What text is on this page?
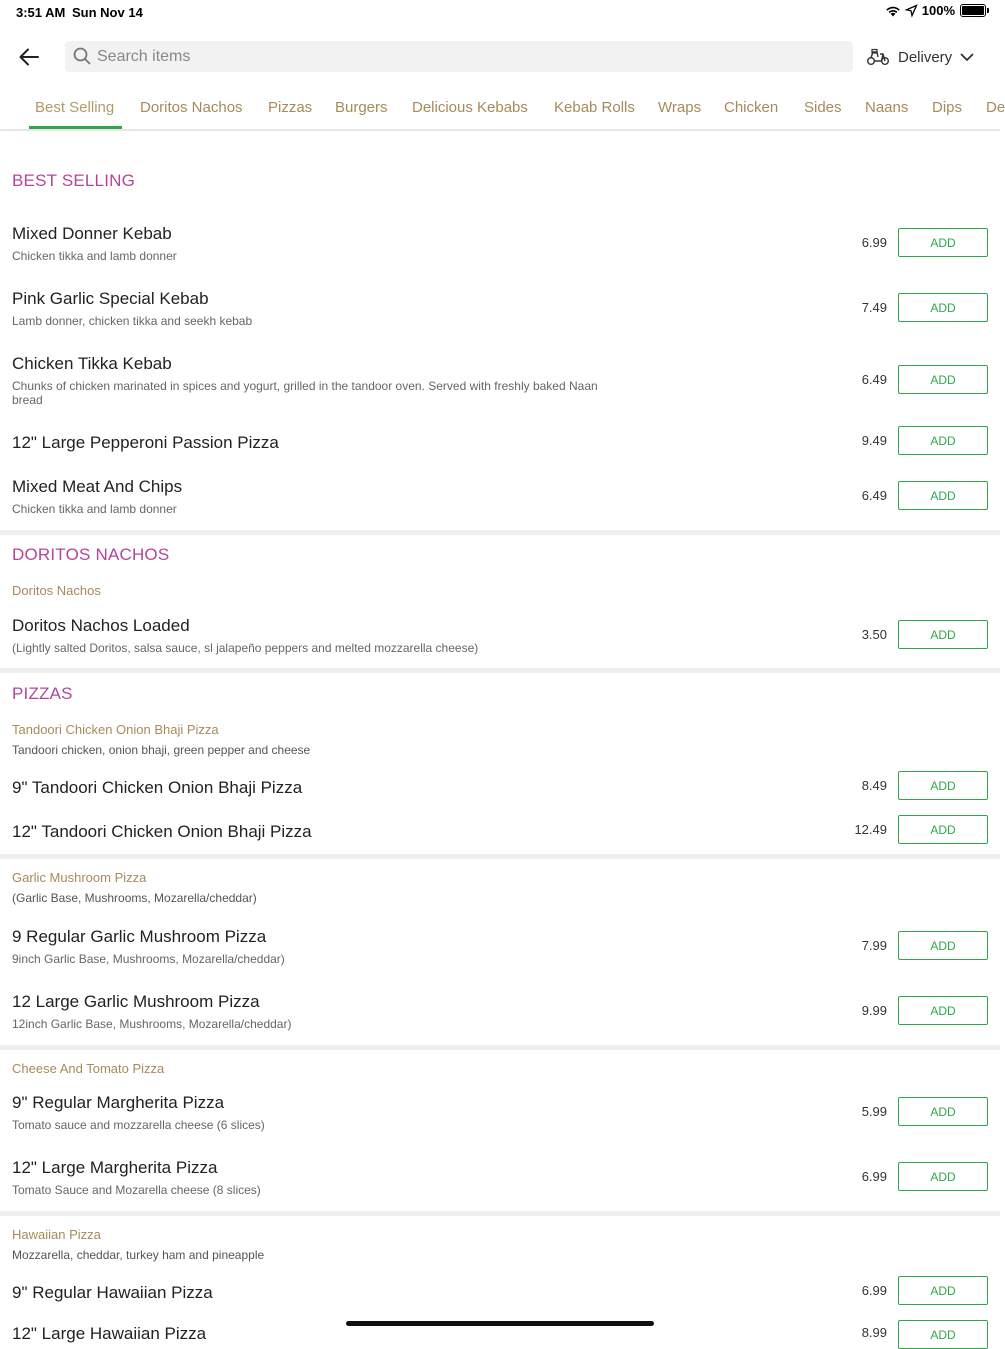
3:51 AM Sun Nov 14	100%
Search items
Delivery
Best Selling Doritos Nachos Pizzas Burgers Delicious Kebabs Kebab Rolls Wraps Chicken Sides Naans Dips De
BEST SELLING
Mixed Donner Kebab
Chicken tikka and lamb donner
6.99	ADD
Pink Garlic Special Kebab
Lamb donner, chicken tikka and seekh kebab
7.49	ADD
Chicken Tikka Kebab
Chunks of chicken marinated in spices and yogurt, grilled in the tandoor oven. Served with freshly baked Naan bread
6.49	ADD
12" Large Pepperoni Passion Pizza	9.49	ADD
Mixed Meat And Chips
Chicken tikka and lamb donner
6.49	ADD
DORITOS NACHOS
Doritos Nachos
Doritos Nachos Loaded
(Lightly salted Doritos, salsa sauce, sl jalapeño peppers and melted mozzarella cheese)
3.50	ADD
PIZZAS
Tandoori Chicken Onion Bhaji Pizza
Tandoori chicken, onion bhaji, green pepper and cheese
9" Tandoori Chicken Onion Bhaji Pizza	8.49	ADD
12" Tandoori Chicken Onion Bhaji Pizza	12.49	ADD
Garlic Mushroom Pizza
(Garlic Base, Mushrooms, Mozarella/cheddar)
9 Regular Garlic Mushroom Pizza
9inch Garlic Base, Mushrooms, Mozarella/cheddar)
7.99	ADD
12 Large Garlic Mushroom Pizza
12inch Garlic Base, Mushrooms, Mozarella/cheddar)
9.99	ADD
Cheese And Tomato Pizza
9" Regular Margherita Pizza
Tomato sauce and mozzarella cheese (6 slices)
5.99	ADD
12" Large Margherita Pizza
Tomato Sauce and Mozarella cheese (8 slices)
6.99	ADD
Hawaiian Pizza
Mozzarella, cheddar, turkey ham and pineapple
9" Regular Hawaiian Pizza	6.99	ADD
12" Large Hawaiian Pizza	8.99	ADD
